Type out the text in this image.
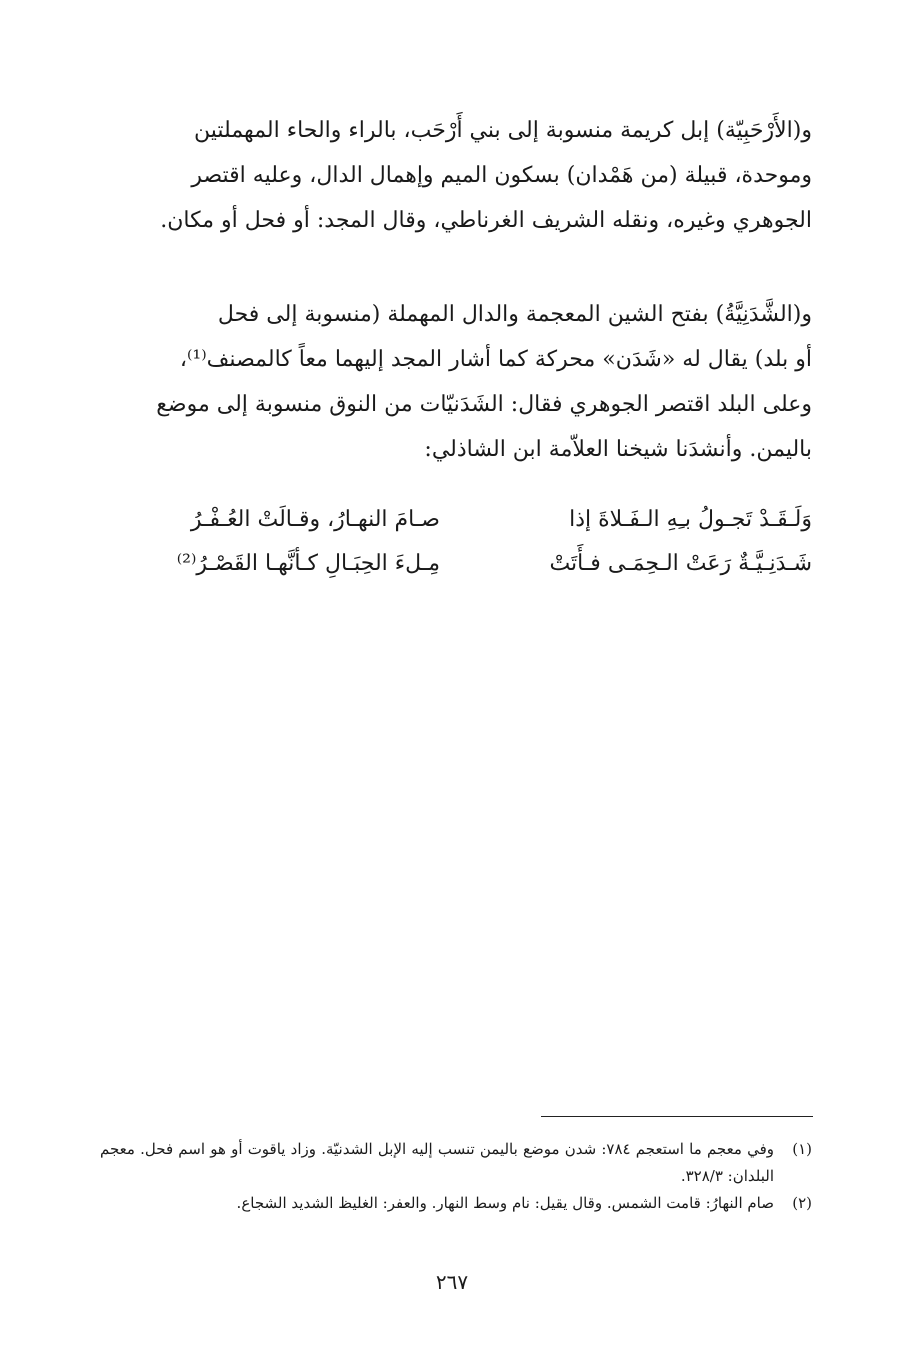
و(الأَرْحَبِيّة) إبل كريمة منسوبة إلى بني أَرْحَب، بالراء والحاء المهملتين

وموحدة، قبيلة (من هَمْدان) بسكون الميم وإهمال الدال، وعليه اقتصر

الجوهري وغيره، ونقله الشريف الغرناطي، وقال المجد: أو فحل أو مكان.

و(الشَّدَنِيَّةُ) بفتح الشين المعجمة والدال المهملة (منسوبة إلى فحل

أو بلد) يقال له «شَدَن» محركة كما أشار المجد إليهما معاً كالمصنف⁽¹⁾،

وعلى البلد اقتصر الجوهري فقال: الشَدَنيّات من النوق منسوبة إلى موضع

باليمن. وأنشدَنا شيخنا العلاّمة ابن الشاذلي:

وَلَـقَـدْ تَجـولُ بـِهِ الـفَـلاةَ إذا
صـامَ النهـارُ، وقـالَتْ العُـفْـرُ
شَـدَنِـيَّـةٌ رَعَتْ الـحِمَـى فـأَتَتْ
مِـلءَ الحِبَـالِ كـأنَّهـا القَصْـرُ⁽²⁾
(١)
وفي معجم ما استعجم ٧٨٤: شدن موضع باليمن تنسب إليه الإبل الشدنيّة. وزاد ياقوت أو هو اسم فحل. معجم البلدان: ٣٢٨/٣.
(٢)
صام النهارُ: قامت الشمس. وقال يقيل: نام وسط النهار. والعفر: الغليظ الشديد الشجاع.
٢٦٧
